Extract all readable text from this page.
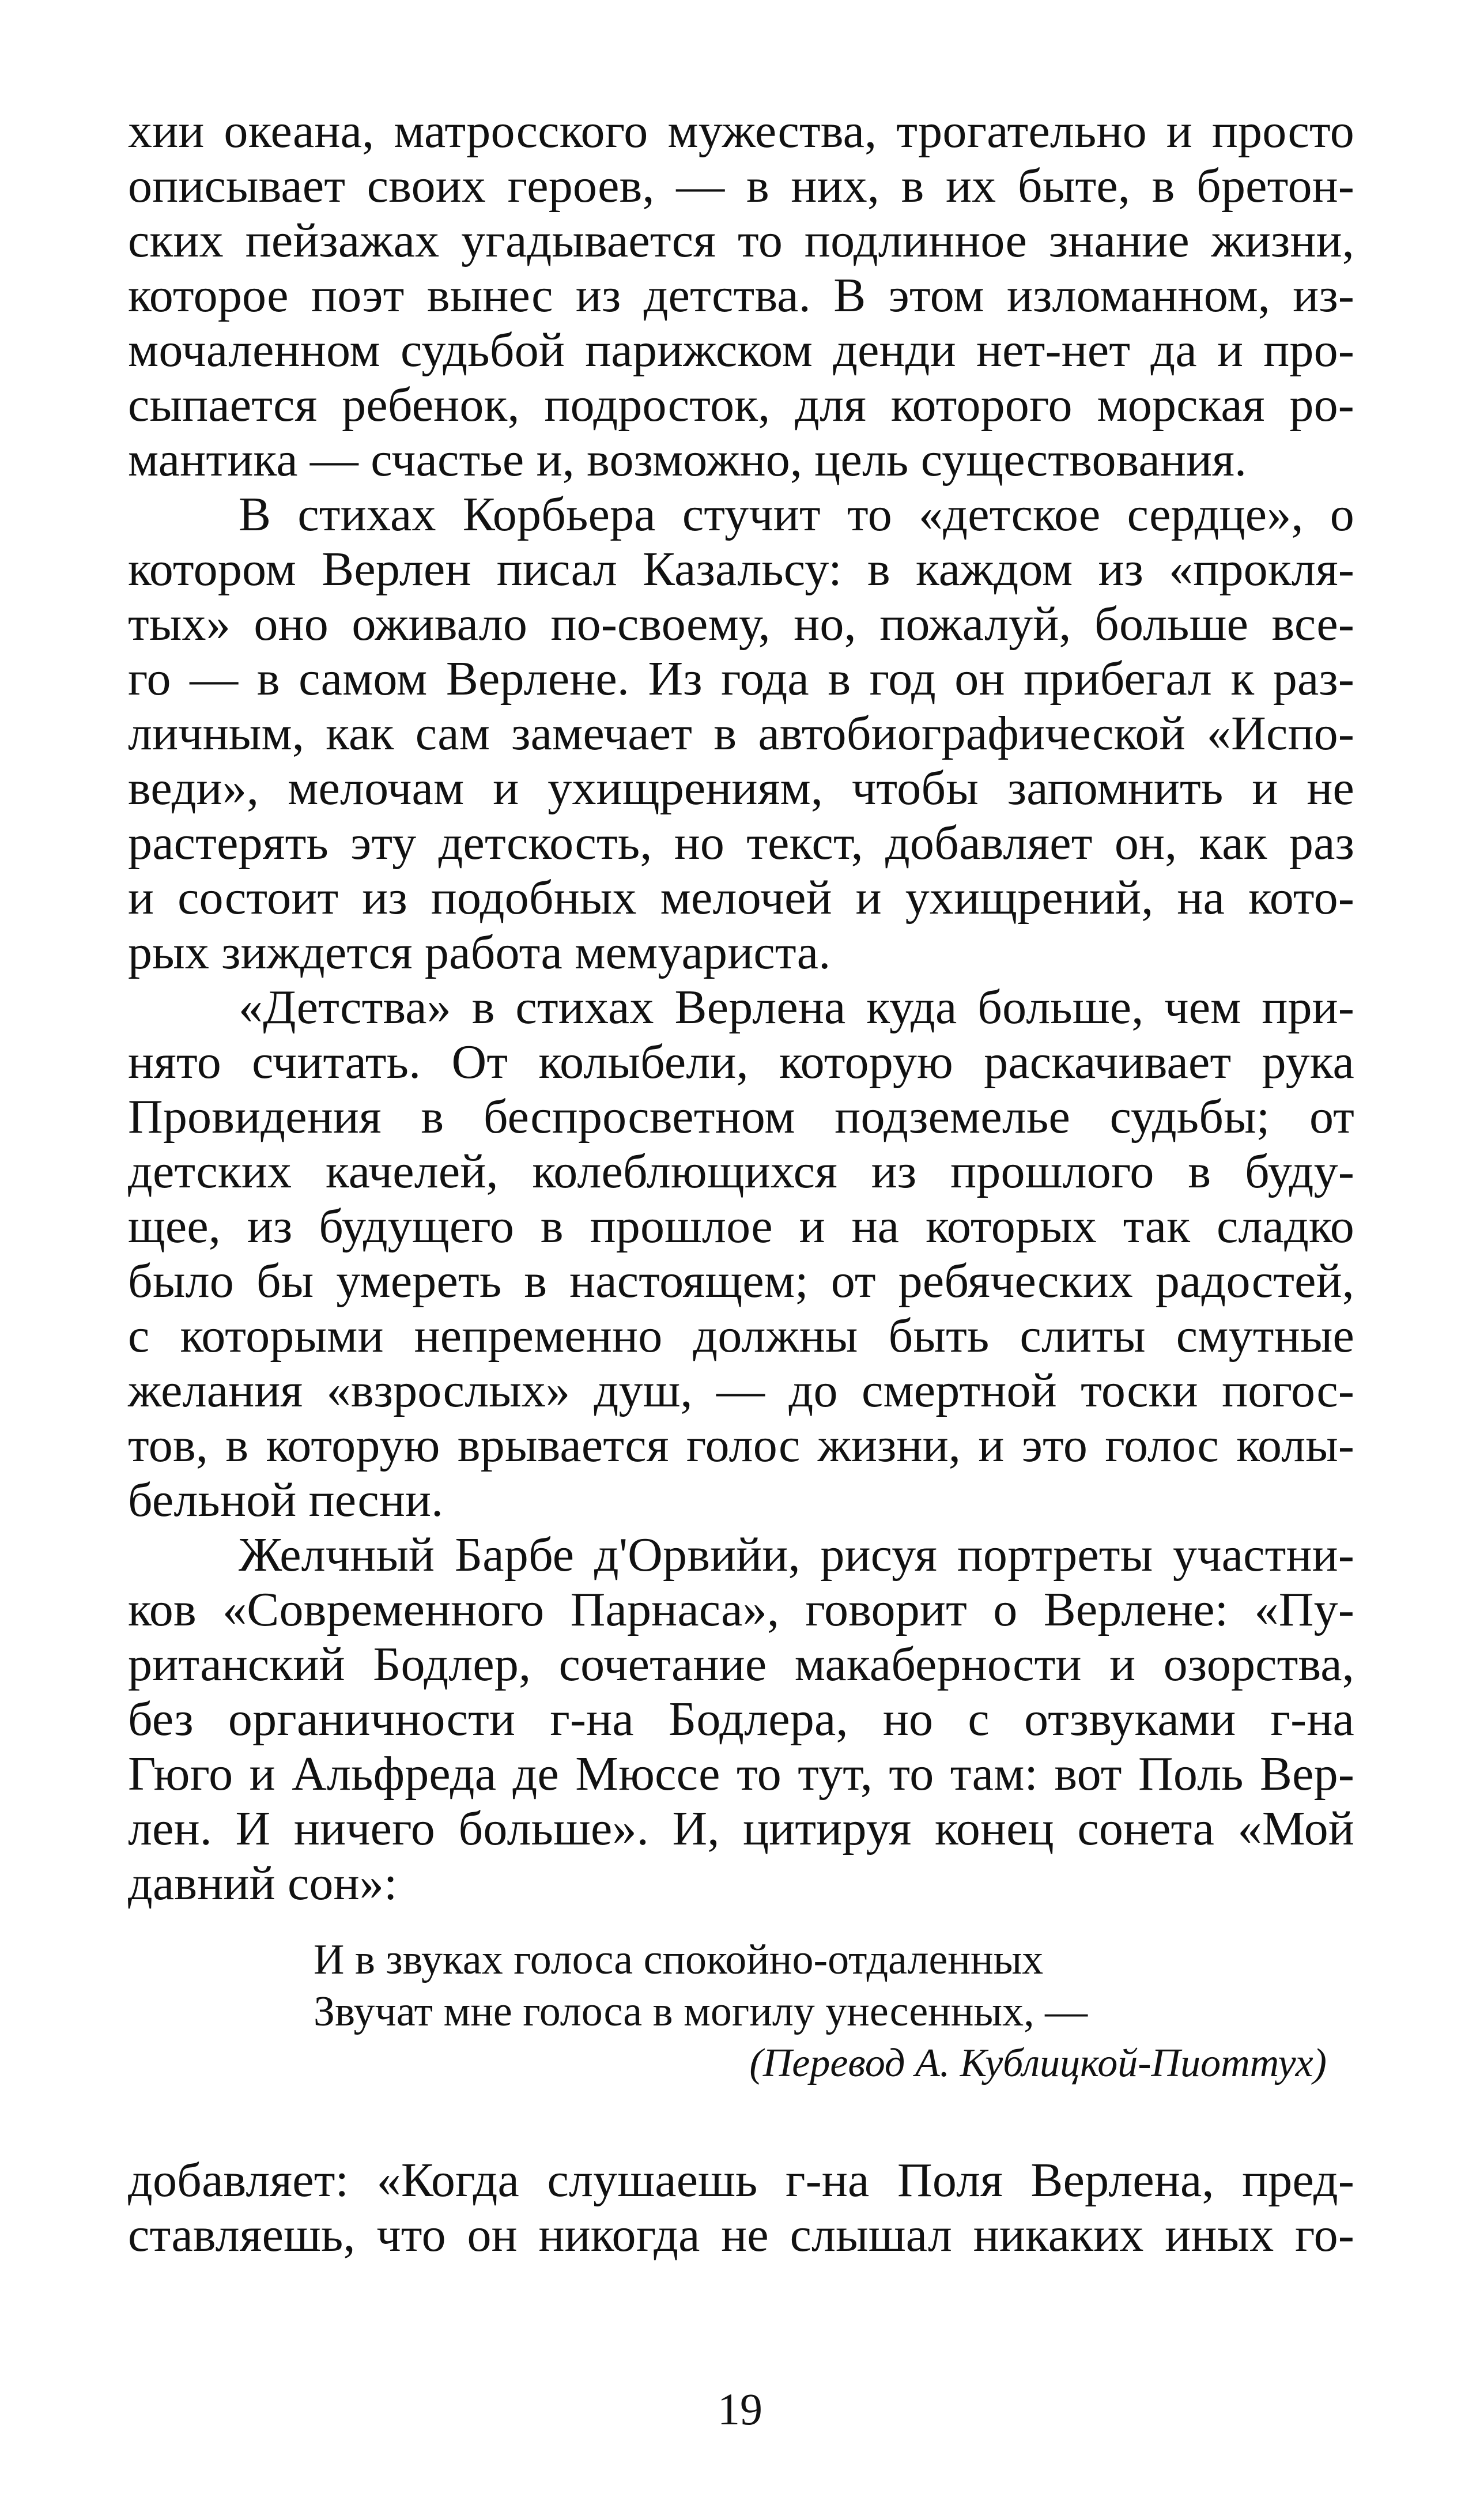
хии океана, матросского мужества, трогательно и просто
описывает своих героев, — в них, в их быте, в бретон-
ских пейзажах угадывается то подлинное знание жизни,
которое поэт вынес из детства. В этом изломанном, из-
мочаленном судьбой парижском денди нет-нет да и про-
сыпается ребенок, подросток, для которого морская ро-
мантика — счастье и, возможно, цель существования.
В стихах Корбьера стучит то «детское сердце», о
котором Верлен писал Казальсу: в каждом из «прокля-
тых» оно оживало по-своему, но, пожалуй, больше все-
го — в самом Верлене. Из года в год он прибегал к раз-
личным, как сам замечает в автобиографической «Испо-
веди», мелочам и ухищрениям, чтобы запомнить и не
растерять эту детскость, но текст, добавляет он, как раз
и состоит из подобных мелочей и ухищрений, на кото-
рых зиждется работа мемуариста.
«Детства» в стихах Верлена куда больше, чем при-
нято считать. От колыбели, которую раскачивает рука
Провидения в беспросветном подземелье судьбы; от
детских качелей, колеблющихся из прошлого в буду-
щее, из будущего в прошлое и на которых так сладко
было бы умереть в настоящем; от ребяческих радостей,
с которыми непременно должны быть слиты смутные
желания «взрослых» душ, — до смертной тоски погос-
тов, в которую врывается голос жизни, и это голос колы-
бельной песни.
Желчный Барбе д'Орвийи, рисуя портреты участни-
ков «Современного Парнаса», говорит о Верлене: «Пу-
ританский Бодлер, сочетание макаберности и озорства,
без органичности г-на Бодлера, но с отзвуками г-на
Гюго и Альфреда де Мюссе то тут, то там: вот Поль Вер-
лен. И ничего больше». И, цитируя конец сонета «Мой
давний сон»:
И в звуках голоса спокойно-отдаленных
Звучат мне голоса в могилу унесенных, —
(Перевод А. Кублицкой-Пиоттух)
добавляет: «Когда слушаешь г-на Поля Верлена, пред-
ставляешь, что он никогда не слышал никаких иных го-
19
